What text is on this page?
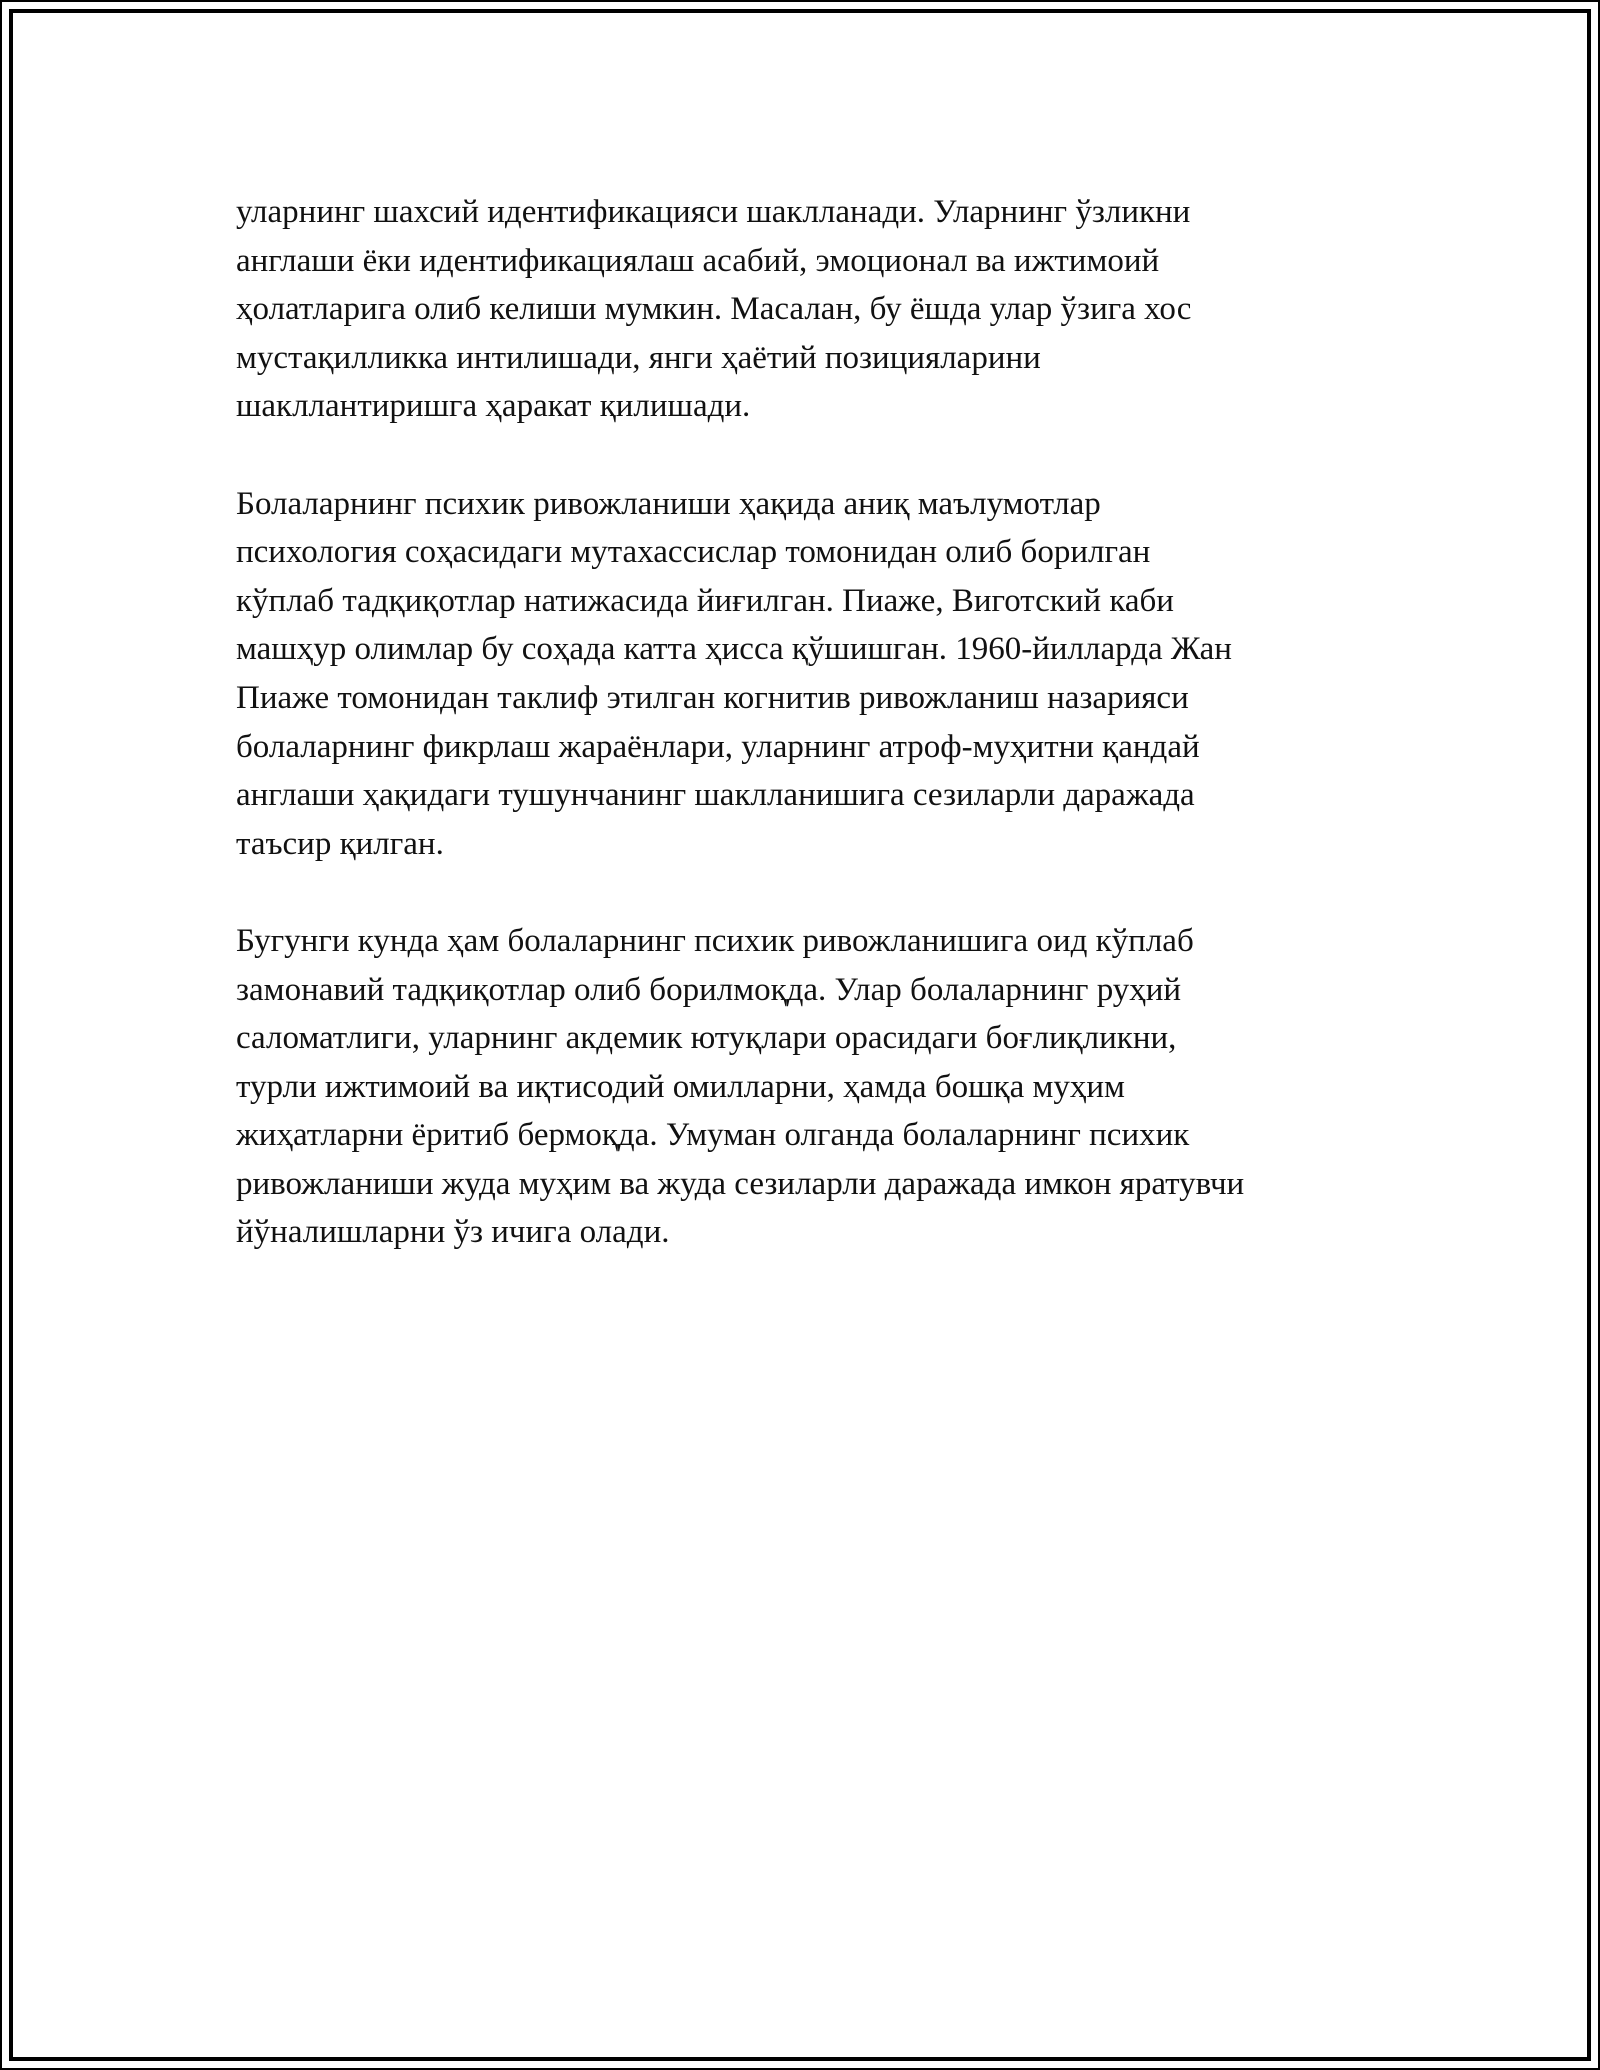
уларнинг шахсий идентификацияси шаклланади. Уларнинг ўзликни
англаши ёки идентификациялаш асабий, эмоционал ва ижтимоий
ҳолатларига олиб келиши мумкин. Масалан, бу ёшда улар ўзига хос
мустақилликка интилишади, янги ҳаётий позицияларини
шакллантиришга ҳаракат қилишади.

Болаларнинг психик ривожланиши ҳақида аниқ маълумотлар
психология соҳасидаги мутахассислар томонидан олиб борилган
кўплаб тадқиқотлар натижасида йиғилган. Пиаже, Виготский каби
машҳур олимлар бу соҳада катта ҳисса қўшишган. 1960-йилларда Жан
Пиаже томонидан таклиф этилган когнитив ривожланиш назарияси
болаларнинг фикрлаш жараёнлари, уларнинг атроф-муҳитни қандай
англаши ҳақидаги тушунчанинг шаклланишига сезиларли даражада
таъсир қилган.

Бугунги кунда ҳам болаларнинг психик ривожланишига оид кўплаб
замонавий тадқиқотлар олиб борилмоқда. Улар болаларнинг руҳий
саломатлиги, уларнинг акдемик ютуқлари орасидаги боғлиқликни,
турли ижтимоий ва иқтисодий омилларни, ҳамда бошқа муҳим
жиҳатларни ёритиб бермоқда. Умуман олганда болаларнинг психик
ривожланиши жуда муҳим ва жуда сезиларли даражада имкон яратувчи
йўналишларни ўз ичига олади.
